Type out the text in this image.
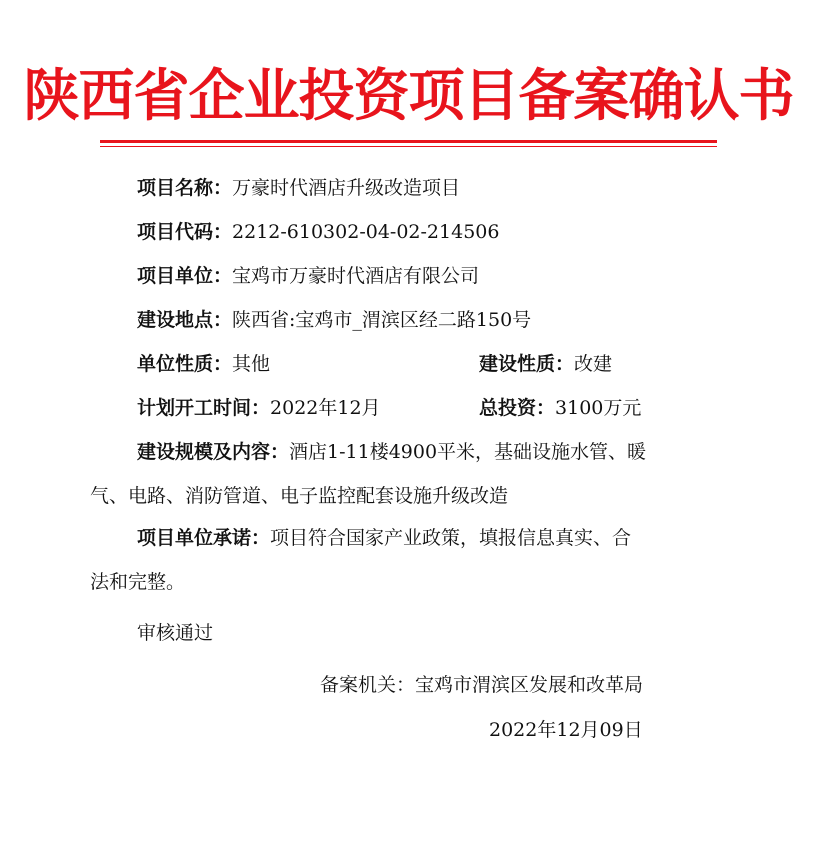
陕西省企业投资项目备案确认书
项目名称：万豪时代酒店升级改造项目
项目代码：2212-610302-04-02-214506
项目单位：宝鸡市万豪时代酒店有限公司
建设地点：陕西省:宝鸡市_渭滨区经二路150号
单位性质：其他	建设性质：改建
计划开工时间：2022年12月	总投资：3100万元
建设规模及内容：酒店1-11楼4900平米，基础设施水管、暖
气、电路、消防管道、电子监控配套设施升级改造
项目单位承诺：项目符合国家产业政策，填报信息真实、合
法和完整。
审核通过
备案机关：宝鸡市渭滨区发展和改革局
2022年12月09日
